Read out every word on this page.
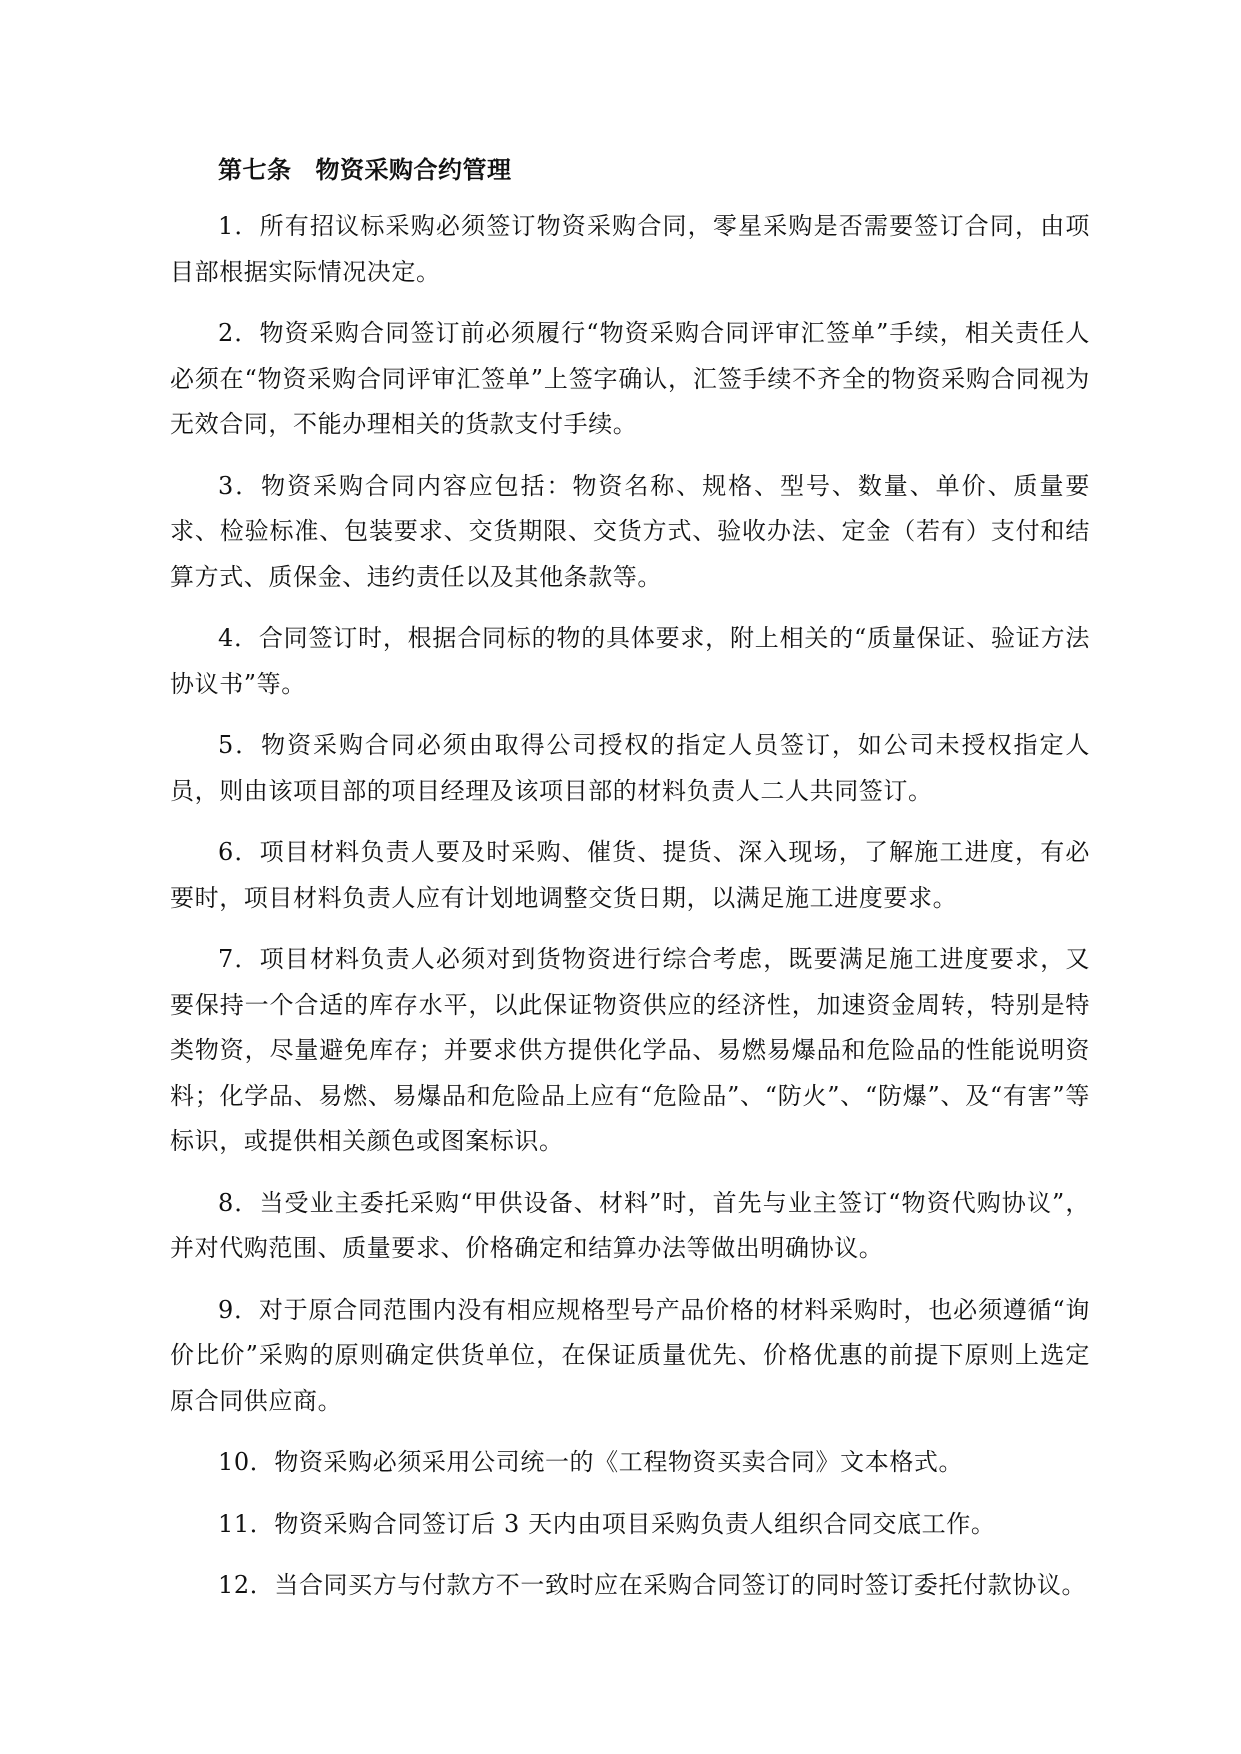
第七条 物资采购合约管理

1．所有招议标采购必须签订物资采购合同，零星采购是否需要签订合同，由项目部根据实际情况决定。

2．物资采购合同签订前必须履行“物资采购合同评审汇签单”手续，相关责任人必须在“物资采购合同评审汇签单”上签字确认，汇签手续不齐全的物资采购合同视为无效合同，不能办理相关的货款支付手续。

3．物资采购合同内容应包括：物资名称、规格、型号、数量、单价、质量要求、检验标准、包装要求、交货期限、交货方式、验收办法、定金（若有）支付和结算方式、质保金、违约责任以及其他条款等。

4．合同签订时，根据合同标的物的具体要求，附上相关的“质量保证、验证方法协议书”等。

5．物资采购合同必须由取得公司授权的指定人员签订，如公司未授权指定人员，则由该项目部的项目经理及该项目部的材料负责人二人共同签订。

6．项目材料负责人要及时采购、催货、提货、深入现场，了解施工进度，有必要时，项目材料负责人应有计划地调整交货日期，以满足施工进度要求。

7．项目材料负责人必须对到货物资进行综合考虑，既要满足施工进度要求，又要保持一个合适的库存水平，以此保证物资供应的经济性，加速资金周转，特别是特类物资，尽量避免库存；并要求供方提供化学品、易燃易爆品和危险品的性能说明资料；化学品、易燃、易爆品和危险品上应有“危险品”、“防火”、“防爆”、及“有害”等标识，或提供相关颜色或图案标识。

8．当受业主委托采购“甲供设备、材料”时，首先与业主签订“物资代购协议”，并对代购范围、质量要求、价格确定和结算办法等做出明确协议。

9．对于原合同范围内没有相应规格型号产品价格的材料采购时，也必须遵循“询价比价”采购的原则确定供货单位，在保证质量优先、价格优惠的前提下原则上选定原合同供应商。

10．物资采购必须采用公司统一的《工程物资买卖合同》文本格式。

11．物资采购合同签订后 3 天内由项目采购负责人组织合同交底工作。

12．当合同买方与付款方不一致时应在采购合同签订的同时签订委托付款协议。
